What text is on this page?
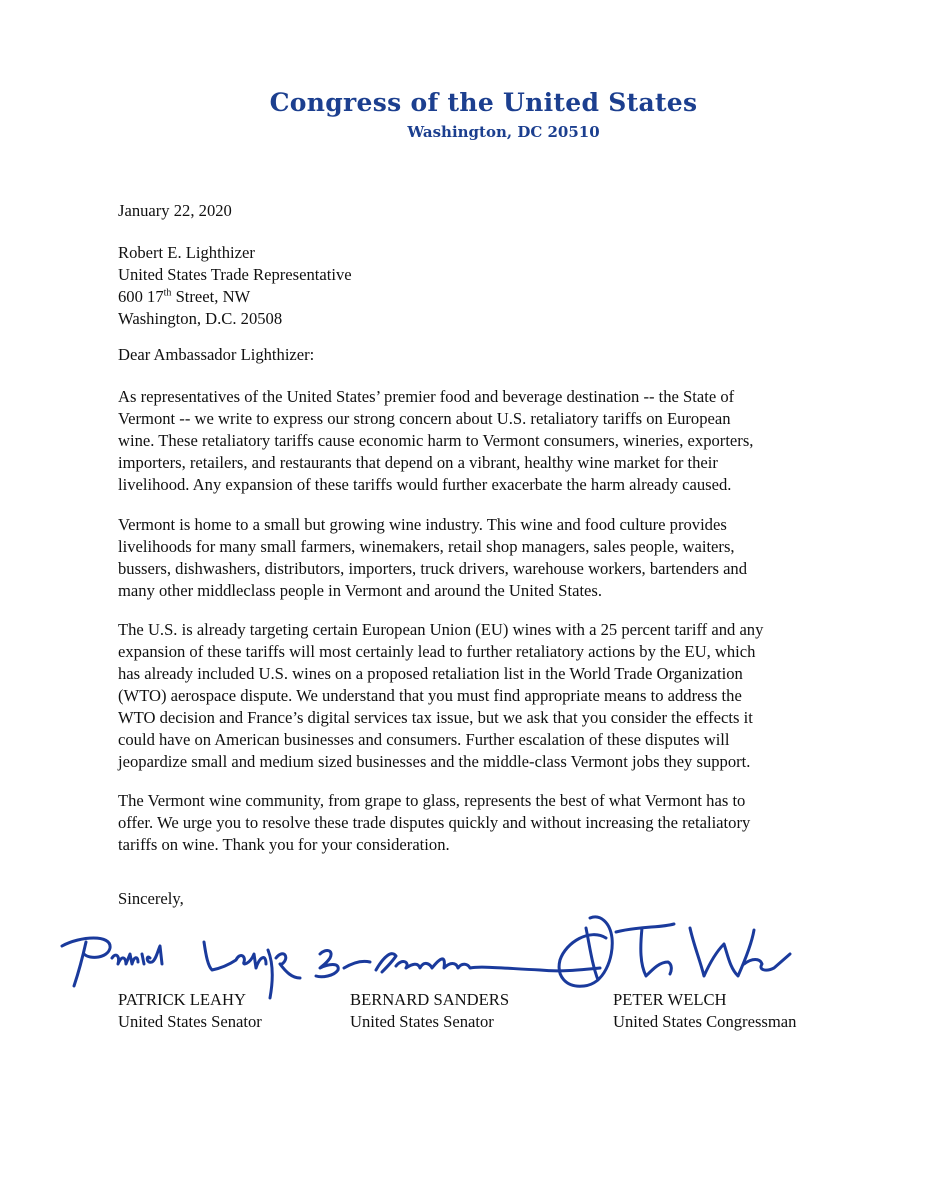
Congress of the United States
Washington, DC 20510
January 22, 2020
Robert E. Lighthizer
United States Trade Representative
600 17th Street, NW
Washington, D.C. 20508
Dear Ambassador Lighthizer:
As representatives of the United States’ premier food and beverage destination -- the State of
Vermont -- we write to express our strong concern about U.S. retaliatory tariffs on European
wine. These retaliatory tariffs cause economic harm to Vermont consumers, wineries, exporters,
importers, retailers, and restaurants that depend on a vibrant, healthy wine market for their
livelihood. Any expansion of these tariffs would further exacerbate the harm already caused.
Vermont is home to a small but growing wine industry. This wine and food culture provides
livelihoods for many small farmers, winemakers, retail shop managers, sales people, waiters,
bussers, dishwashers, distributors, importers, truck drivers, warehouse workers, bartenders and
many other middleclass people in Vermont and around the United States.
The U.S. is already targeting certain European Union (EU) wines with a 25 percent tariff and any
expansion of these tariffs will most certainly lead to further retaliatory actions by the EU, which
has already included U.S. wines on a proposed retaliation list in the World Trade Organization
(WTO) aerospace dispute. We understand that you must find appropriate means to address the
WTO decision and France’s digital services tax issue, but we ask that you consider the effects it
could have on American businesses and consumers. Further escalation of these disputes will
jeopardize small and medium sized businesses and the middle-class Vermont jobs they support.
The Vermont wine community, from grape to glass, represents the best of what Vermont has to
offer. We urge you to resolve these trade disputes quickly and without increasing the retaliatory
tariffs on wine. Thank you for your consideration.
Sincerely,
PATRICK LEAHY
United States Senator
BERNARD SANDERS
United States Senator
PETER WELCH
United States Congressman
